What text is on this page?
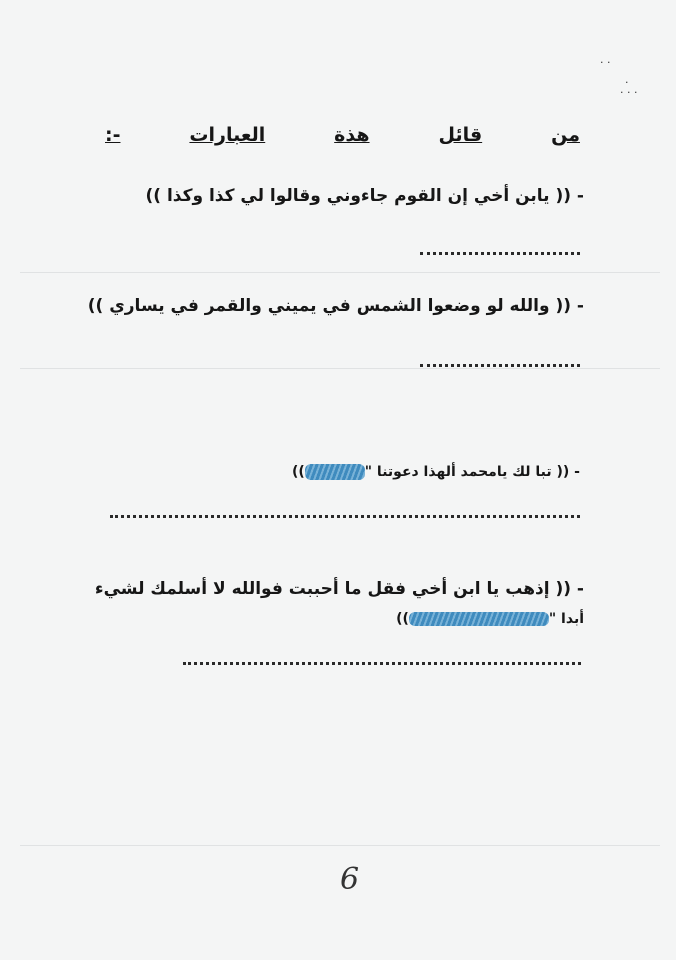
· ·
·
· · ·
من
قائل
هذة
العبارات
:-
- (( يابن أخي إن القوم جاءوني وقالوا لي كذا وكذا ))
- (( والله لو وضعوا الشمس في يميني والقمر في يساري ))
- (( تبا لك يامحمد ألهذا دعوتنا "))
- (( إذهب يا ابن أخي فقل ما أحببت فوالله لا أسلمك لشيء
أبدا "))
6
